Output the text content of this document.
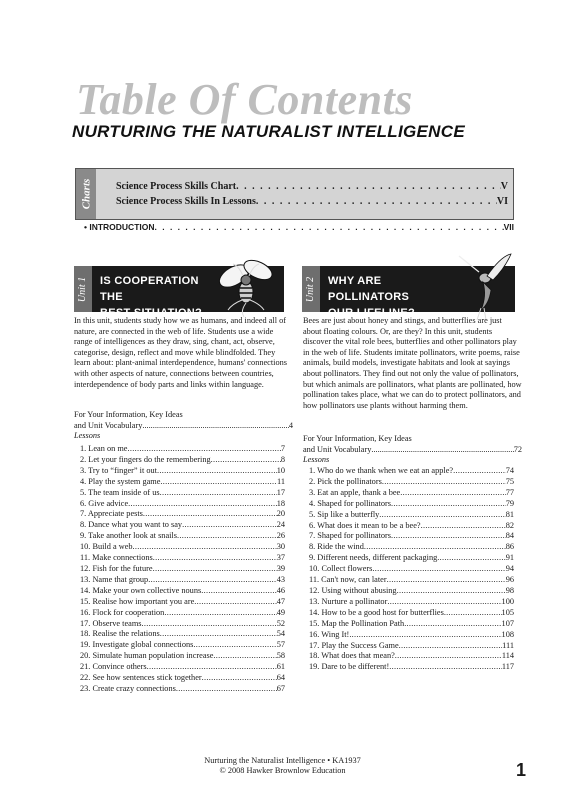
Table Of Contents
NURTURING THE NATURALIST INTELLIGENCE
Charts Science Process Skills Chart . . .	V
Science Process Skills In Lessons . . .	VI
• INTRODUCTION . . .	VII
Unit 1 IS COOPERATION THE
BEST SITUATION?
Unit 2 WHY ARE POLLINATORS
OUR LIFELINE?
In this unit, students study how we as humans, and indeed all of nature, are connected in the web of life. Students use a wide range of intelligences as they draw, sing, chant, act, observe, categorise, design, reflect and move while blindfolded. They learn about: plant-animal interdependence, humans' connections with other aspects of nature, connections between countries, interdependence of body parts and links within language.
For Your Information, Key Ideas
and Unit Vocabulary .....	4
Lessons
1. Lean on me .....	7
2. Let your fingers do the remembering .....	8
3. Try to “finger” it out .....	10
4. Play the system game .....	11
5. The team inside of us .....	17
6. Give advice .....	18
7. Appreciate pests .....	20
8. Dance what you want to say .....	24
9. Take another look at snails .....	26
10. Build a web .....	30
11. Make connections .....	37
12. Fish for the future .....	39
13. Name that group .....	43
14. Make your own collective nouns .....	46
15. Realise how important you are .....	47
16. Flock for cooperation .....	49
17. Observe teams .....	52
18. Realise the relations .....	54
19. Investigate global connections .....	57
20. Simulate human population increase .....	58
21. Convince others .....	61
22. See how sentences stick together .....	64
23. Create crazy connections .....	67
Bees are just about honey and stings, and butterflies are just about floating colours. Or, are they? In this unit, students discover the vital role bees, butterflies and other pollinators play in the web of life. Students imitate pollinators, write poems, raise animals, build models, investigate habitats and look at sayings about pollinators. They find out not only the value of pollinators, but which animals are pollinators, what plants are pollinated, how pollination takes place, what we can do to protect pollinators, and how pollinators use plants without harming them.
For Your Information, Key Ideas
and Unit Vocabulary .....	72
Lessons
1. Who do we thank when we eat an apple? .....	74
2. Pick the pollinators .....	75
3. Eat an apple, thank a bee .....	77
4. Shaped for pollinators .....	79
5. Sip like a butterfly .....	81
6. What does it mean to be a bee? .....	82
7. Shaped for pollinators .....	84
8. Ride the wind .....	86
9. Different needs, different packaging .....	91
10. Collect flowers .....	94
11. Can't now, can later .....	96
12. Using without abusing .....	98
13. Nurture a pollinator .....	100
14. How to be a good host for butterflies .....	105
15. Map the Pollination Path .....	107
16. Wing It! .....	108
17. Play the Success Game .....	111
18. What does that mean? .....	114
19. Dare to be different! .....	117
Nurturing the Naturalist Intelligence • KA1937
© 2008 Hawker Brownlow Education	1
